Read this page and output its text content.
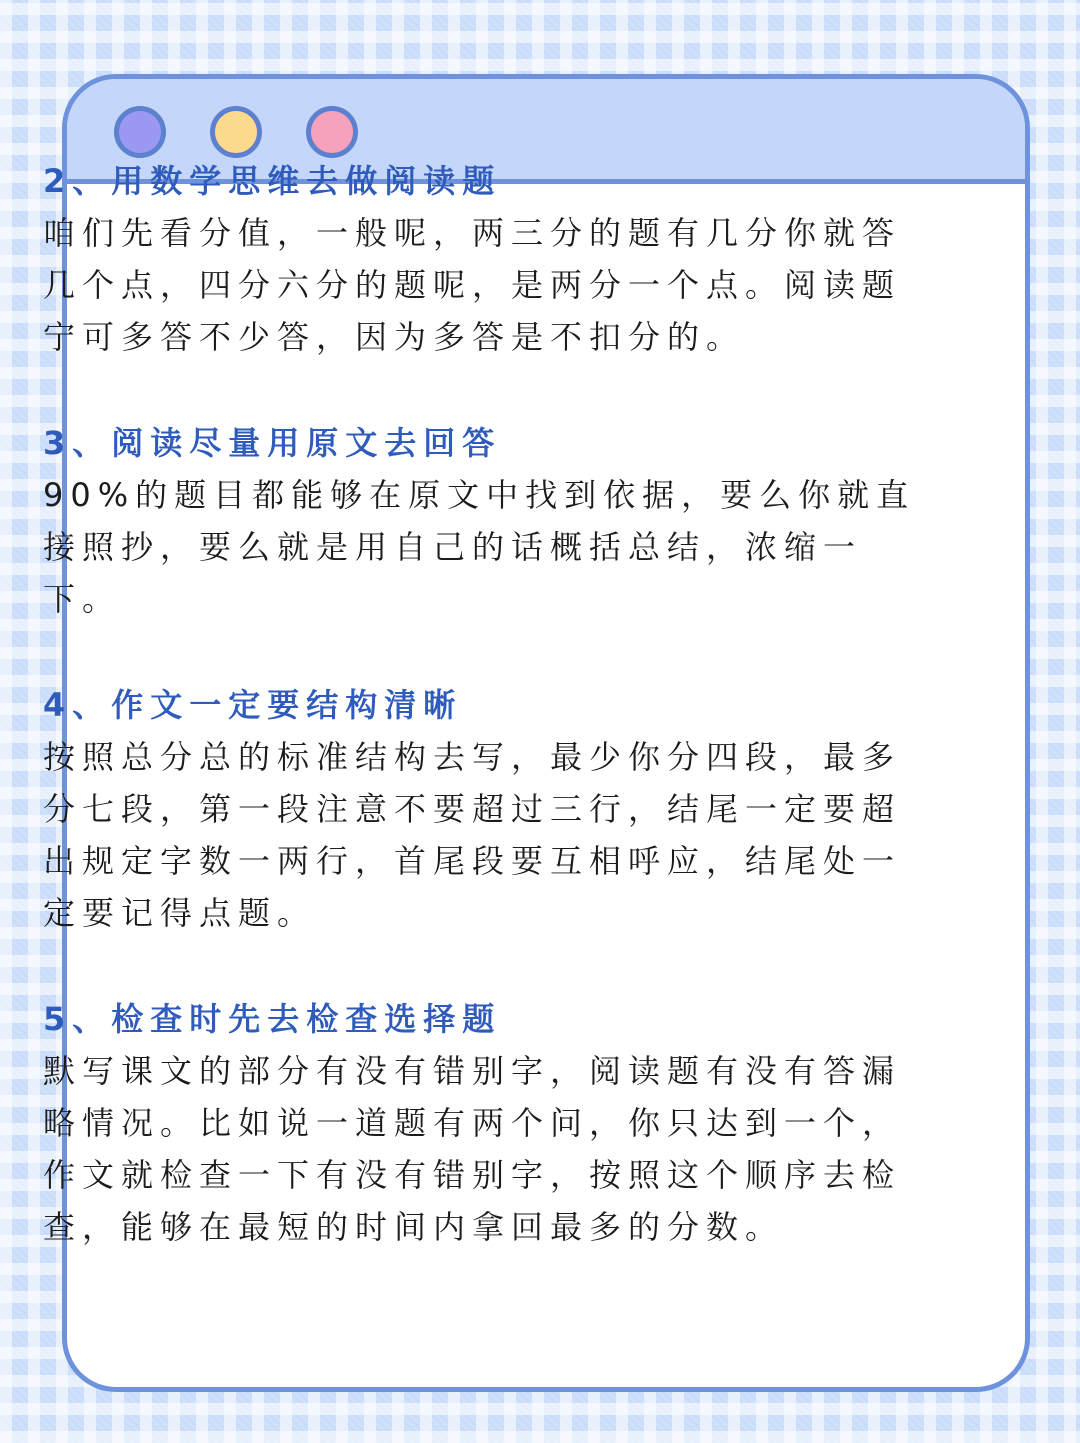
2、用数学思维去做阅读题

咱们先看分值，一般呢，两三分的题有几分你就答几个点，四分六分的题呢，是两分一个点。阅读题宁可多答不少答，因为多答是不扣分的。

3、阅读尽量用原文去回答

90%的题目都能够在原文中找到依据，要么你就直接照抄，要么就是用自己的话概括总结，浓缩一下。

4、作文一定要结构清晰

按照总分总的标准结构去写，最少你分四段，最多分七段，第一段注意不要超过三行，结尾一定要超出规定字数一两行，首尾段要互相呼应，结尾处一定要记得点题。

5、检查时先去检查选择题

默写课文的部分有没有错别字，阅读题有没有答漏略情况。比如说一道题有两个问，你只达到一个，作文就检查一下有没有错别字，按照这个顺序去检查，能够在最短的时间内拿回最多的分数。
